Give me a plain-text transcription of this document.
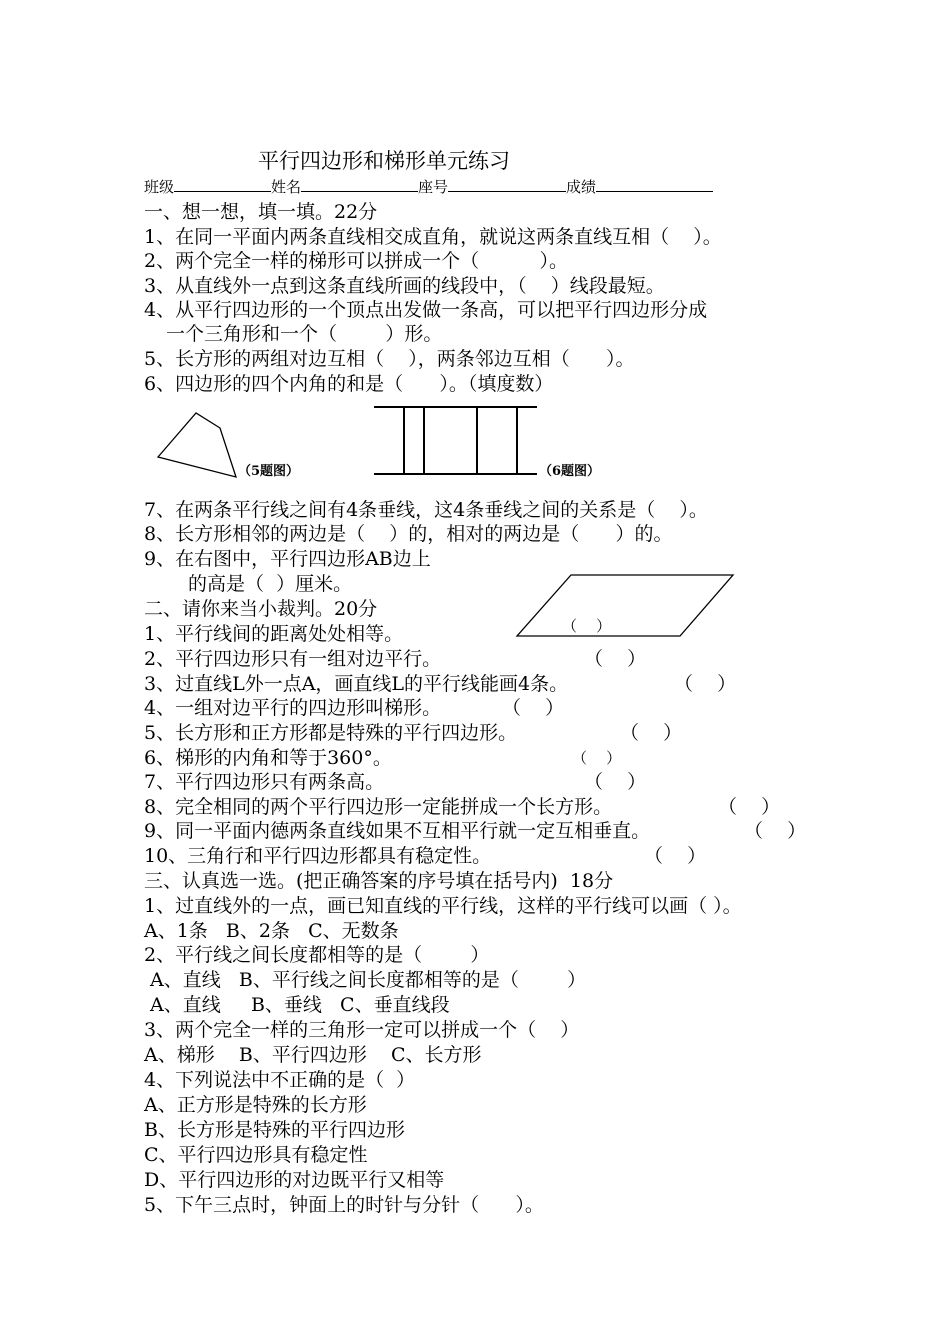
平行四边形和梯形单元练习
班级	姓名	座号	成绩
一、想一想，填一填。22分
1、在同一平面内两条直线相交成直角，就说这两条直线互相（    ）。
2、两个完全一样的梯形可以拼成一个（          ）。
3、从直线外一点到这条直线所画的线段中，（    ）线段最短。
4、从平行四边形的一个顶点出发做一条高，可以把平行四边形分成
一个三角形和一个（        ）形。
5、长方形的两组对边互相（    ），两条邻边互相（      ）。
6、四边形的四个内角的和是（      ）。（填度数）
（5题图）	（6题图）
7、在两条平行线之间有4条垂线，这4条垂线之间的关系是（    ）。
8、长方形相邻的两边是（    ）的，相对的两边是（      ）的。
9、在右图中，平行四边形AB边上
的高是（  ）厘米。
二、请你来当小裁判。20分
1、平行线间的距离处处相等。	（    ）
2、平行四边形只有一组对边平行。	（    ）
3、过直线L外一点A，画直线L的平行线能画4条。	（    ）
4、一组对边平行的四边形叫梯形。	（    ）
5、长方形和正方形都是特殊的平行四边形。	（    ）
6、梯形的内角和等于360°。	（    ）
7、平行四边形只有两条高。	（    ）
8、完全相同的两个平行四边形一定能拼成一个长方形。	（    ）
9、同一平面内德两条直线如果不互相平行就一定互相垂直。	（    ）
10、三角行和平行四边形都具有稳定性。	（    ）
三、认真选一选。(把正确答案的序号填在括号内)  18分
1、过直线外的一点，画已知直线的平行线，这样的平行线可以画（ ）。
A、1条   B、2条   C、无数条
2、平行线之间长度都相等的是（        ）
A、直线   B、平行线之间长度都相等的是（        ）
A、直线     B、垂线   C、垂直线段
3、两个完全一样的三角形一定可以拼成一个（    ）
A、梯形    B、平行四边形    C、长方形
4、下列说法中不正确的是（  ）
A、正方形是特殊的长方形
B、长方形是特殊的平行四边形
C、平行四边形具有稳定性
D、平行四边形的对边既平行又相等
5、下午三点时，钟面上的时针与分针（      ）。
